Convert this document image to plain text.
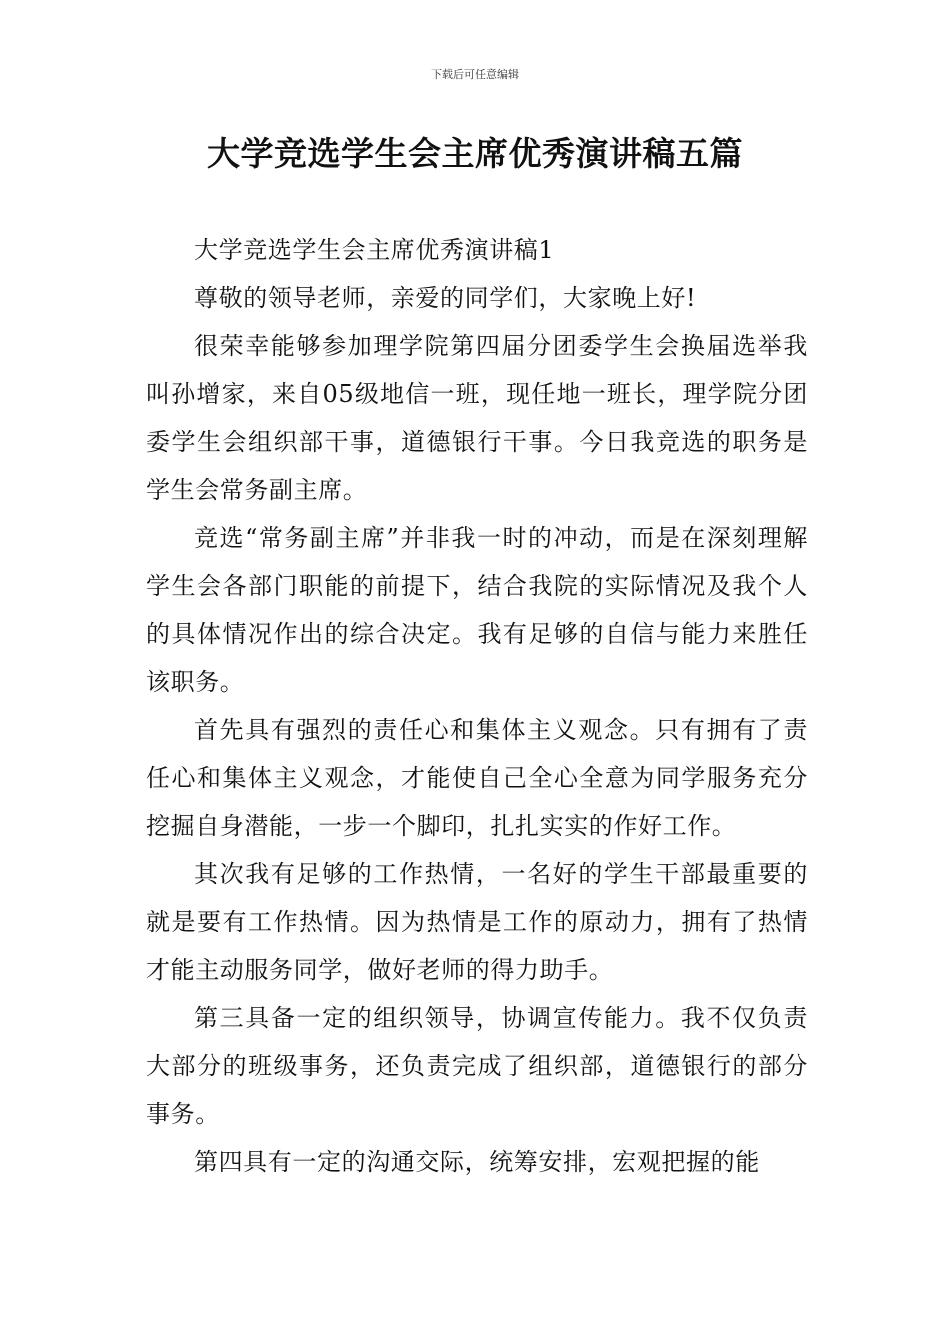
下载后可任意编辑
大学竞选学生会主席优秀演讲稿五篇

大学竞选学生会主席优秀演讲稿1

尊敬的领导老师，亲爱的同学们，大家晚上好!

很荣幸能够参加理学院第四届分团委学生会换届选举我叫孙增家，来自05级地信一班，现任地一班长，理学院分团委学生会组织部干事，道德银行干事。今日我竞选的职务是学生会常务副主席。

竞选“常务副主席”并非我一时的冲动，而是在深刻理解学生会各部门职能的前提下，结合我院的实际情况及我个人的具体情况作出的综合决定。我有足够的自信与能力来胜任该职务。

首先具有强烈的责任心和集体主义观念。只有拥有了责任心和集体主义观念，才能使自己全心全意为同学服务充分挖掘自身潜能，一步一个脚印，扎扎实实的作好工作。

其次我有足够的工作热情，一名好的学生干部最重要的就是要有工作热情。因为热情是工作的原动力，拥有了热情才能主动服务同学，做好老师的得力助手。

第三具备一定的组织领导，协调宣传能力。我不仅负责大部分的班级事务，还负责完成了组织部，道德银行的部分事务。

第四具有一定的沟通交际，统筹安排，宏观把握的能
